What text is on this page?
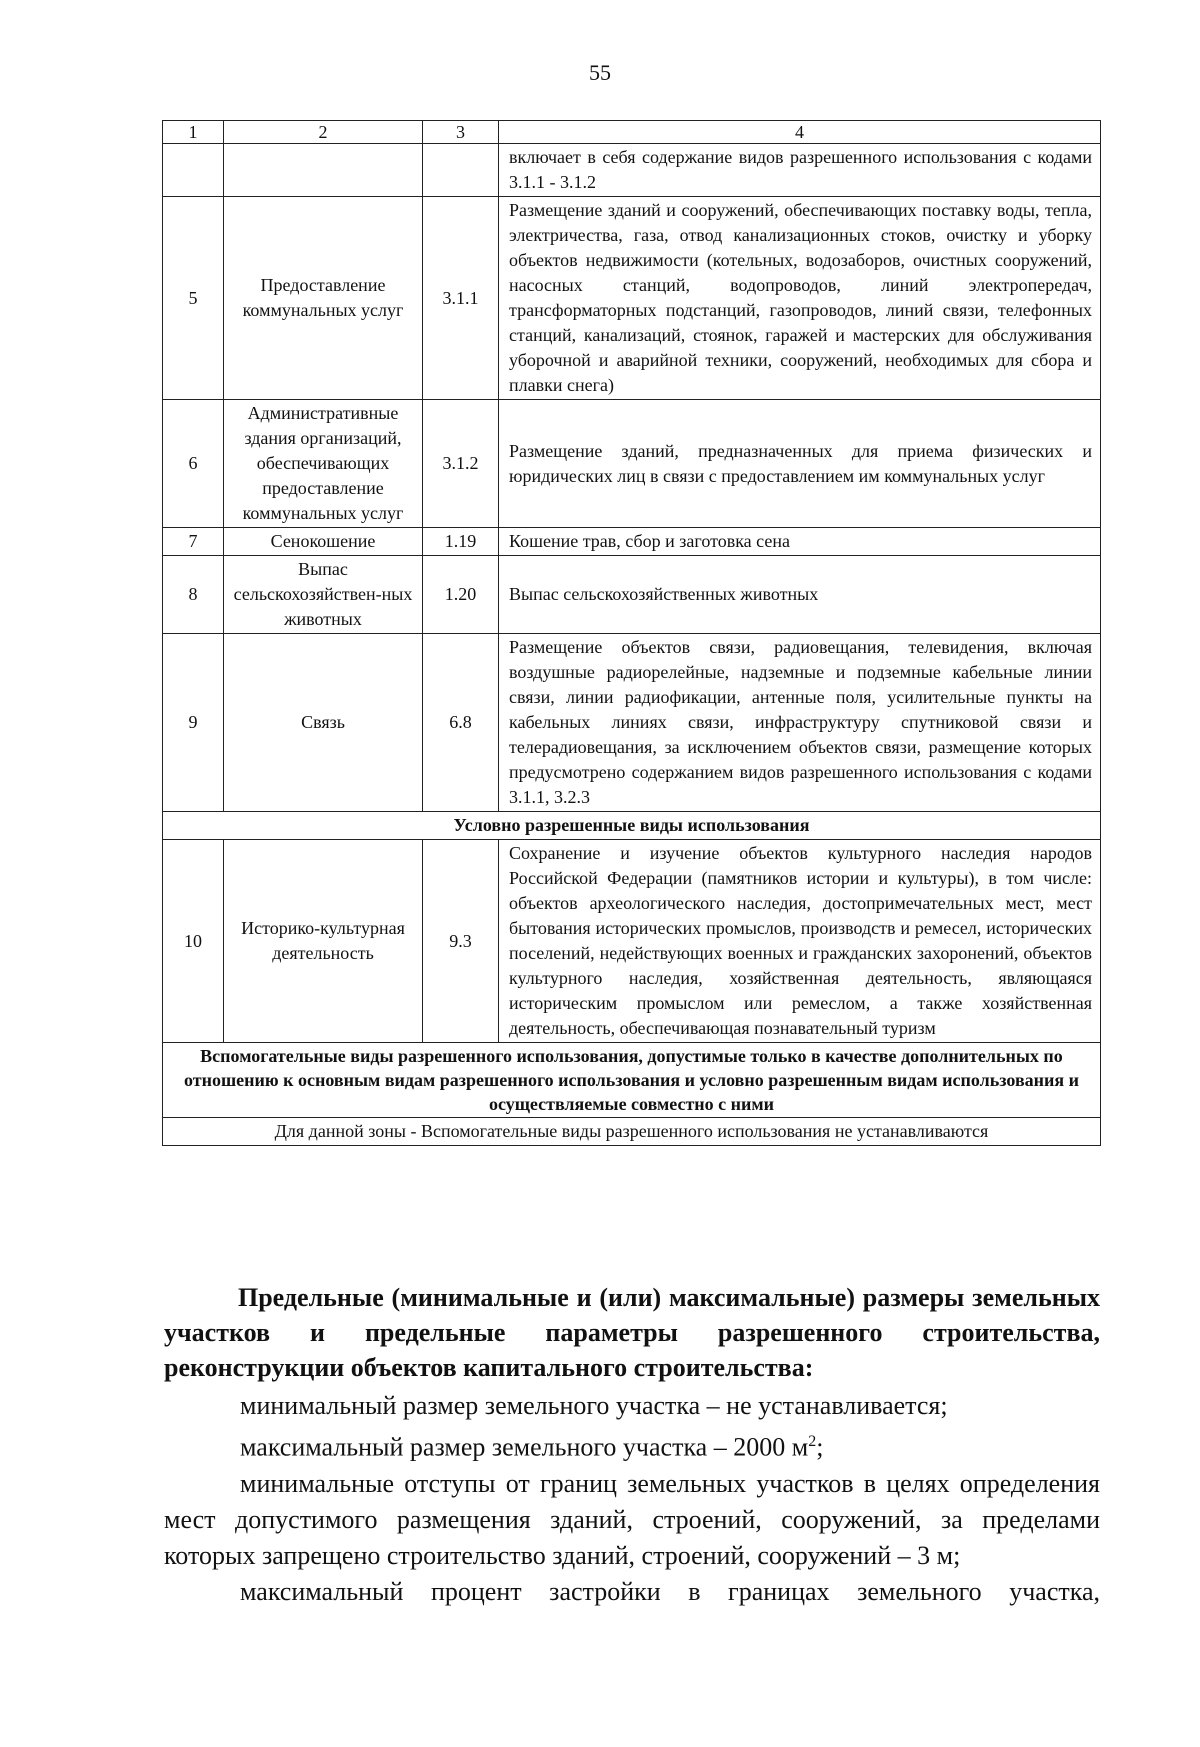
55
1	2	3	4
			включает в себя содержание видов разрешенного использования с кодами 3.1.1 - 3.1.2
5	Предоставление коммунальных услуг	3.1.1	Размещение зданий и сооружений, обеспечивающих поставку воды, тепла, электричества, газа, отвод канализационных стоков, очистку и уборку объектов недвижимости (котельных, водозаборов, очистных сооружений, насосных станций, водопроводов, линий электропередач, трансформаторных подстанций, газопроводов, линий связи, телефонных станций, канализаций, стоянок, гаражей и мастерских для обслуживания уборочной и аварийной техники, сооружений, необходимых для сбора и плавки снега)
6	Административные здания организаций, обеспечивающих предоставление коммунальных услуг	3.1.2	Размещение зданий, предназначенных для приема физических и юридических лиц в связи с предоставлением им коммунальных услуг
7	Сенокошение	1.19	Кошение трав, сбор и заготовка сена
8	Выпас сельскохозяйствен-ных животных	1.20	Выпас сельскохозяйственных животных
9	Связь	6.8	Размещение объектов связи, радиовещания, телевидения, включая воздушные радиорелейные, надземные и подземные кабельные линии связи, линии радиофикации, антенные поля, усилительные пункты на кабельных линиях связи, инфраструктуру спутниковой связи и телерадиовещания, за исключением объектов связи, размещение которых предусмотрено содержанием видов разрешенного использования с кодами 3.1.1, 3.2.3
Условно разрешенные виды использования			
10	Историко-культурная деятельность	9.3	Сохранение и изучение объектов культурного наследия народов Российской Федерации (памятников истории и культуры), в том числе: объектов археологического наследия, достопримечательных мест, мест бытования исторических промыслов, производств и ремесел, исторических поселений, недействующих военных и гражданских захоронений, объектов культурного наследия, хозяйственная деятельность, являющаяся историческим промыслом или ремеслом, а также хозяйственная деятельность, обеспечивающая познавательный туризм
Вспомогательные виды разрешенного использования, допустимые только в качестве дополнительных по отношению к основным видам разрешенного использования и условно разрешенным видам использования и осуществляемые совместно с ними			
Для данной зоны - Вспомогательные виды разрешенного использования не устанавливаются			
Предельные (минимальные и (или) максимальные) размеры земельных участков и предельные параметры разрешенного строительства, реконструкции объектов капитального строительства:

минимальный размер земельного участка – не устанавливается;

максимальный размер земельного участка – 2000 $м^2$;

минимальные отступы от границ земельных участков в целях определения мест допустимого размещения зданий, строений, сооружений, за пределами которых запрещено строительство зданий, строений, сооружений – 3 м;

максимальный процент застройки в границах земельного участка,
